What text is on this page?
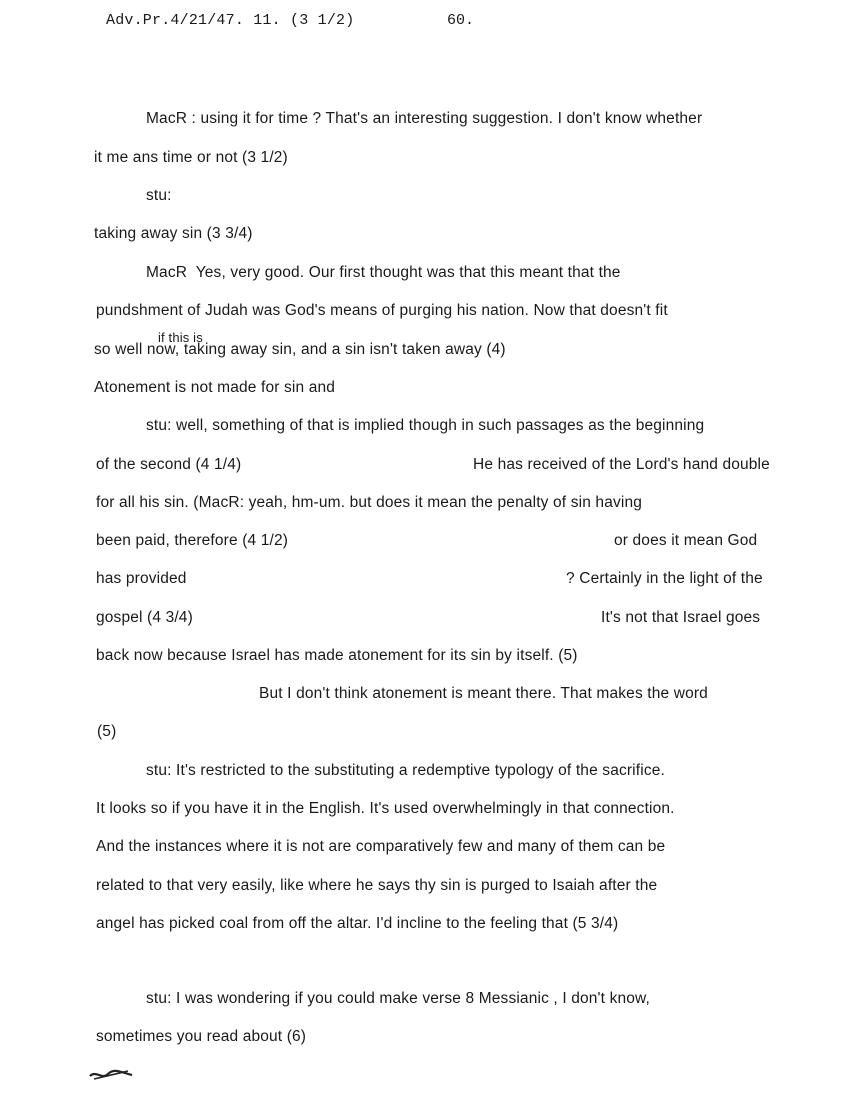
Adv.Pr.4/21/47. 11. (3 1/2)	60.
MacR : using it for time ? That's an interesting suggestion. I don't know whether
it me ans time or not (3 1/2)
stu:
taking away sin (3 3/4)
MacR  Yes, very good. Our first thought was that this meant that the
pundshment of Judah was God's means of purging his nation. Now that doesn't fit
if this is
so well now, taking away sin, and a sin isn't taken away (4)
Atonement is not made for sin and
stu: well, something of that is implied though in such passages as the beginning
of the second (4 1/4)	He has received of the Lord's hand double
for all his sin. (MacR: yeah, hm-um. but does it mean the penalty of sin having
been paid, therefore (4 1/2)	or does it mean God
has provided	? Certainly in the light of the
gospel (4 3/4)	It's not that Israel goes
back now because Israel has made atonement for its sin by itself. (5)
But I don't think atonement is meant there. That makes the word
(5)
stu: It's restricted to the substituting a redemptive typology of the sacrifice.
It looks so if you have it in the English. It's used overwhelmingly in that connection.
And the instances where it is not are comparatively few and many of them can be
related to that very easily, like where he says thy sin is purged to Isaiah after the
angel has picked coal from off the altar. I'd incline to the feeling that (5 3/4)
stu: I was wondering if you could make verse 8 Messianic , I don't know,
sometimes you read about (6)
